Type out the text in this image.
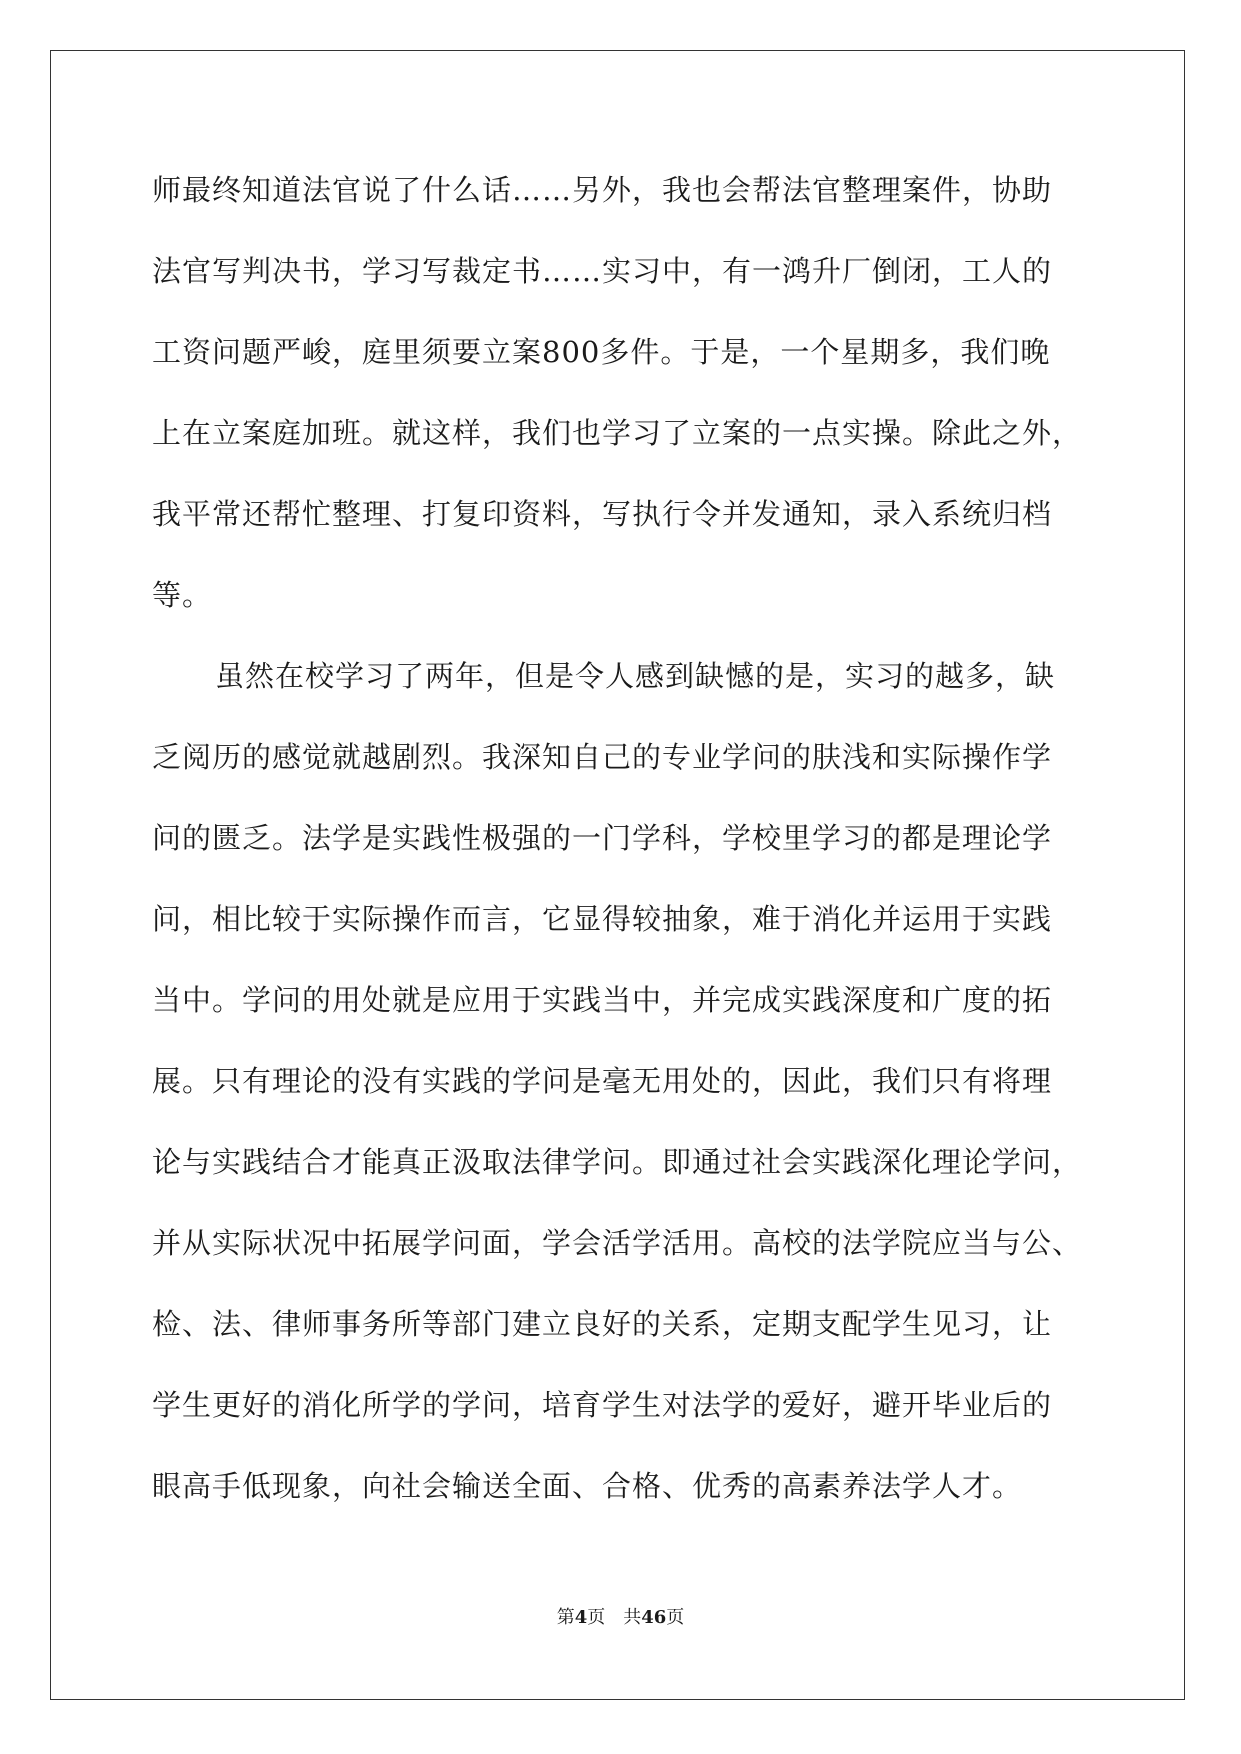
师最终知道法官说了什么话……另外，我也会帮法官整理案件，协助
法官写判决书，学习写裁定书……实习中，有一鸿升厂倒闭，工人的
工资问题严峻，庭里须要立案800多件。于是，一个星期多，我们晚
上在立案庭加班。就这样，我们也学习了立案的一点实操。除此之外，
我平常还帮忙整理、打复印资料，写执行令并发通知，录入系统归档
等。
虽然在校学习了两年，但是令人感到缺憾的是，实习的越多，缺
乏阅历的感觉就越剧烈。我深知自己的专业学问的肤浅和实际操作学
问的匮乏。法学是实践性极强的一门学科，学校里学习的都是理论学
问，相比较于实际操作而言，它显得较抽象，难于消化并运用于实践
当中。学问的用处就是应用于实践当中，并完成实践深度和广度的拓
展。只有理论的没有实践的学问是毫无用处的，因此，我们只有将理
论与实践结合才能真正汲取法律学问。即通过社会实践深化理论学问，
并从实际状况中拓展学问面，学会活学活用。高校的法学院应当与公、
检、法、律师事务所等部门建立良好的关系，定期支配学生见习，让
学生更好的消化所学的学问，培育学生对法学的爱好，避开毕业后的
眼高手低现象，向社会输送全面、合格、优秀的高素养法学人才。
第4页 共46页
